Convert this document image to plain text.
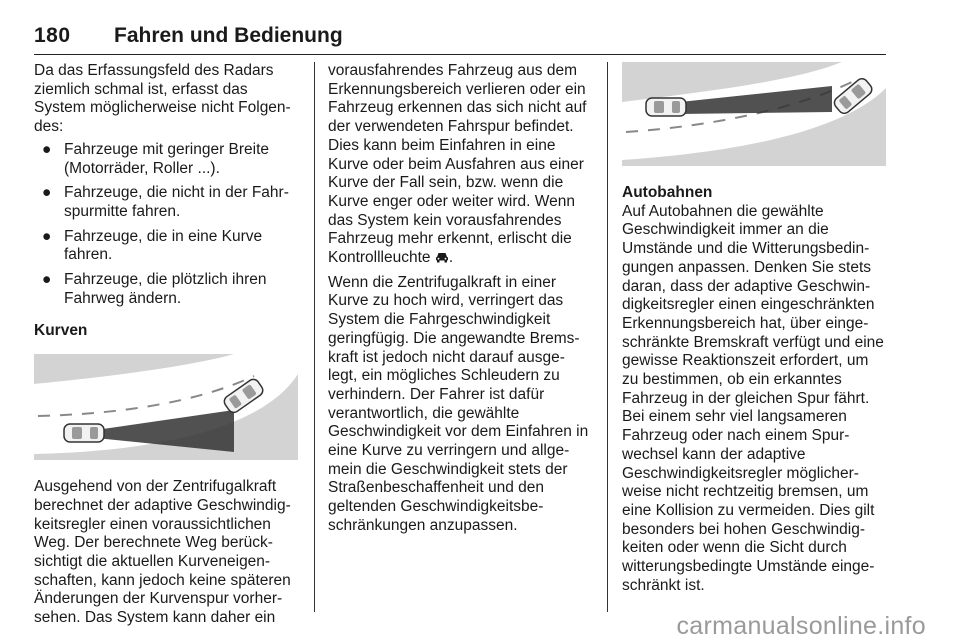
180 Fahren und Bedienung

Da das Erfassungsfeld des Radars ziemlich schmal ist, erfasst das System möglicherweise nicht Folgen-des:

● Fahrzeuge mit geringer Breite (Motorräder, Roller ...).
● Fahrzeuge, die nicht in der Fahr-spurmitte fahren.
● Fahrzeuge, die in eine Kurve fahren.
● Fahrzeuge, die plötzlich ihren Fahrweg ändern.

Kurven

Ausgehend von der Zentrifugalkraft berechnet der adaptive Geschwindig-keitsregler einen voraussichtlichen Weg. Der berechnete Weg berück-sichtigt die aktuellen Kurveneigen-schaften, kann jedoch keine späteren Änderungen der Kurvenspur vorher-sehen. Das System kann daher ein

vorausfahrendes Fahrzeug aus dem Erkennungsbereich verlieren oder ein Fahrzeug erkennen das sich nicht auf der verwendeten Fahrspur befindet. Dies kann beim Einfahren in eine Kurve oder beim Ausfahren aus einer Kurve der Fall sein, bzw. wenn die Kurve enger oder weiter wird. Wenn das System kein vorausfahrendes Fahrzeug mehr erkennt, erlischt die Kontrollleuchte .

Wenn die Zentrifugalkraft in einer Kurve zu hoch wird, verringert das System die Fahrgeschwindigkeit geringfügig. Die angewandte Brems-kraft ist jedoch nicht darauf ausge-legt, ein mögliches Schleudern zu verhindern. Der Fahrer ist dafür verantwortlich, die gewählte Geschwindigkeit vor dem Einfahren in eine Kurve zu verringern und allge-mein die Geschwindigkeit stets der Straßenbeschaffenheit und den geltenden Geschwindigkeitsbe-schränkungen anzupassen.

Autobahnen

Auf Autobahnen die gewählte Geschwindigkeit immer an die Umstände und die Witterungsbedin-gungen anpassen. Denken Sie stets daran, dass der adaptive Geschwin-digkeitsregler einen eingeschränkten Erkennungsbereich hat, über einge-schränkte Bremskraft verfügt und eine gewisse Reaktionszeit erfordert, um zu bestimmen, ob ein erkanntes Fahrzeug in der gleichen Spur fährt. Bei einem sehr viel langsameren Fahrzeug oder nach einem Spur-wechsel kann der adaptive Geschwindigkeitsregler möglicher-weise nicht rechtzeitig bremsen, um eine Kollision zu vermeiden. Dies gilt besonders bei hohen Geschwindig-keiten oder wenn die Sicht durch witterungsbedingte Umstände einge-schränkt ist.

carmanualsonline.info
